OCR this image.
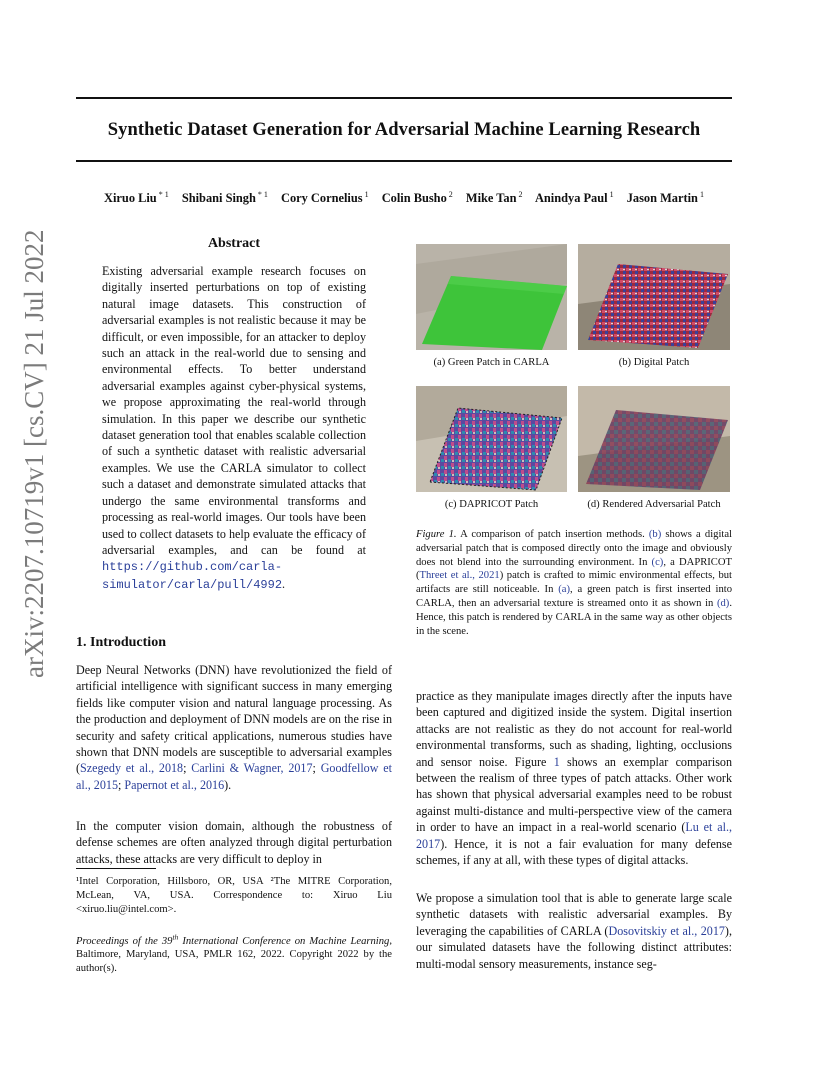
Synthetic Dataset Generation for Adversarial Machine Learning Research
Xiruo Liu $^{* 1}$ Shibani Singh $^{* 1}$ Cory Cornelius $^1$ Colin Busho $^2$ Mike Tan $^2$ Anindya Paul $^1$ Jason Martin $^1$
arXiv:2207.10719v1 [cs.CV] 21 Jul 2022	Abstract
Existing adversarial example research focuses on digitally inserted perturbations on top of existing natural image datasets. This construction of adversarial examples is not realistic because it may be difficult, or even impossible, for an attacker to deploy such an attack in the real-world due to sensing and environmental effects. To better understand adversarial examples against cyber-physical systems, we propose approximating the real-world through simulation. In this paper we describe our synthetic dataset generation tool that enables scalable collection of such a synthetic dataset with realistic adversarial examples. We use the CARLA simulator to collect such a dataset and demonstrate simulated attacks that undergo the same environmental transforms and processing as real-world images. Our tools have been used to collect datasets to help evaluate the efficacy of adversarial examples, and can be found at https://github.com/carla-simulator/carla/pull/4992.
1. Introduction
Deep Neural Networks (DNN) have revolutionized the field of artificial intelligence with significant success in many emerging fields like computer vision and natural language processing. As the production and deployment of DNN models are on the rise in security and safety critical applications, numerous studies have shown that DNN models are susceptible to adversarial examples (Szegedy et al., 2018; Carlini & Wagner, 2017; Goodfellow et al., 2015; Papernot et al., 2016).
In the computer vision domain, although the robustness of defense schemes are often analyzed through digital perturbation attacks, these attacks are very difficult to deploy in
¹Intel Corporation, Hillsboro, OR, USA ²The MITRE Corporation, McLean, VA, USA. Correspondence to: Xiruo Liu <xiruo.liu@intel.com>.
Proceedings of the 39th International Conference on Machine Learning, Baltimore, Maryland, USA, PMLR 162, 2022. Copyright 2022 by the author(s).
(a) Green Patch in CARLA	(b) Digital Patch
(c) DAPRICOT Patch	(d) Rendered Adversarial Patch
Figure 1. A comparison of patch insertion methods. (b) shows a digital adversarial patch that is composed directly onto the image and obviously does not blend into the surrounding environment. In (c), a DAPRICOT (Threet et al., 2021) patch is crafted to mimic environmental effects, but artifacts are still noticeable. In (a), a green patch is first inserted into CARLA, then an adversarial texture is streamed onto it as shown in (d). Hence, this patch is rendered by CARLA in the same way as other objects in the scene.
practice as they manipulate images directly after the inputs have been captured and digitized inside the system. Digital insertion attacks are not realistic as they do not account for real-world environmental transforms, such as shading, lighting, occlusions and sensor noise. Figure 1 shows an exemplar comparison between the realism of three types of patch attacks. Other work has shown that physical adversarial examples need to be robust against multi-distance and multi-perspective view of the camera in order to have an impact in a real-world scenario (Lu et al., 2017). Hence, it is not a fair evaluation for many defense schemes, if any at all, with these types of digital attacks.
We propose a simulation tool that is able to generate large scale synthetic datasets with realistic adversarial examples. By leveraging the capabilities of CARLA (Dosovitskiy et al., 2017), our simulated datasets have the following distinct attributes: multi-modal sensory measurements, instance seg-
